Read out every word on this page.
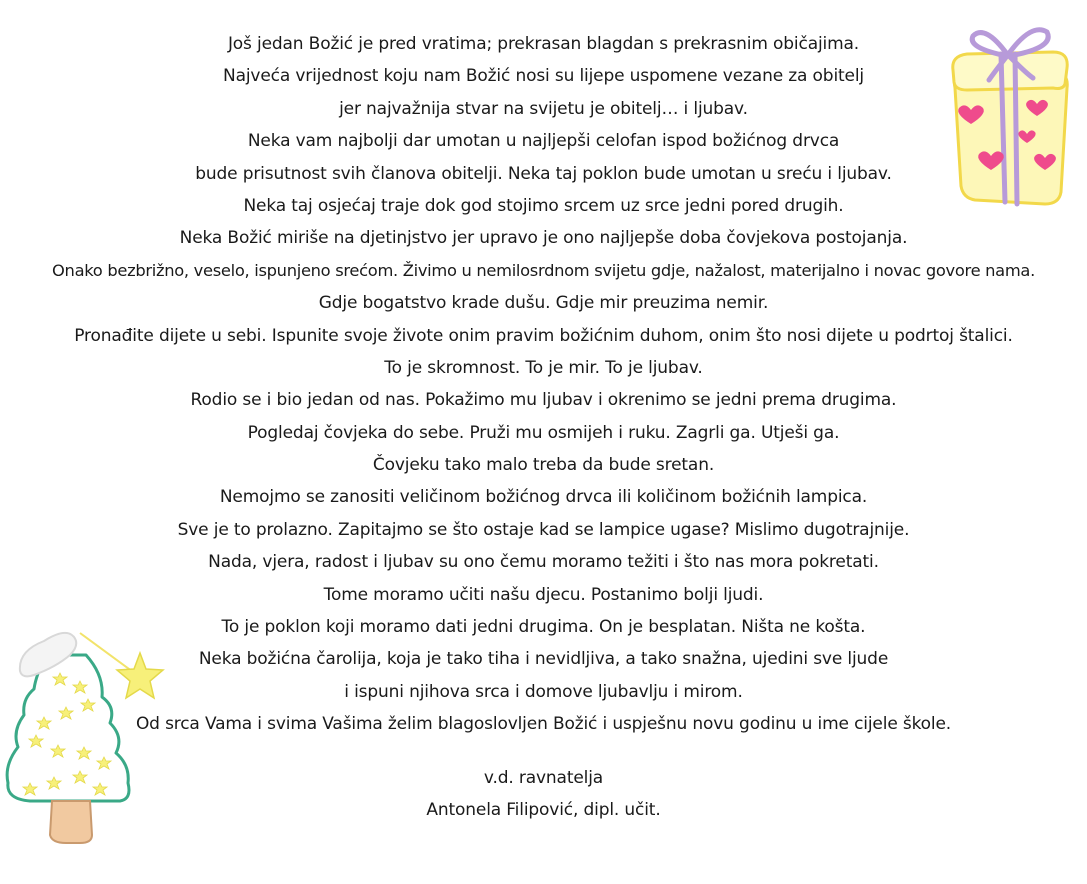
Još jedan Božić je pred vratima; prekrasan blagdan s prekrasnim običajima.
Najveća vrijednost koju nam Božić nosi su lijepe uspomene vezane za obitelj
jer najvažnija stvar na svijetu je obitelj… i ljubav.
Neka vam najbolji dar umotan u najljepši celofan ispod božićnog drvca
bude prisutnost svih članova obitelji. Neka taj poklon bude umotan u sreću i ljubav.
Neka taj osjećaj traje dok god stojimo srcem uz srce jedni pored drugih.
Neka Božić miriše na djetinjstvo jer upravo je ono najljepše doba čovjekova postojanja.
Onako bezbrižno, veselo, ispunjeno srećom. Živimo u nemilosrdnom svijetu gdje, nažalost, materijalno i novac govore nama.
Gdje bogatstvo krade dušu. Gdje mir preuzima nemir.
Pronađite dijete u sebi. Ispunite svoje živote onim pravim božićnim duhom, onim što nosi dijete u podrtoj štalici.
To je skromnost. To je mir. To je ljubav.
Rodio se i bio jedan od nas. Pokažimo mu ljubav i okrenimo se jedni prema drugima.
Pogledaj čovjeka do sebe. Pruži mu osmijeh i ruku. Zagrli ga. Utješi ga.
Čovjeku tako malo treba da bude sretan.
Nemojmo se zanositi veličinom božićnog drvca ili količinom božićnih lampica.
Sve je to prolazno. Zapitajmo se što ostaje kad se lampice ugase? Mislimo dugotrajnije.
Nada, vjera, radost i ljubav su ono čemu moramo težiti i što nas mora pokretati.
Tome moramo učiti našu djecu. Postanimo bolji ljudi.
To je poklon koji moramo dati jedni drugima. On je besplatan. Ništa ne košta.
Neka božićna čarolija, koja je tako tiha i nevidljiva, a tako snažna, ujedini sve ljude
i ispuni njihova srca i domove ljubavlju i mirom.
Od srca Vama i svima Vašima želim blagoslovljen Božić i uspješnu novu godinu u ime cijele škole.
v.d. ravnatelja
Antonela Filipović, dipl. učit.
